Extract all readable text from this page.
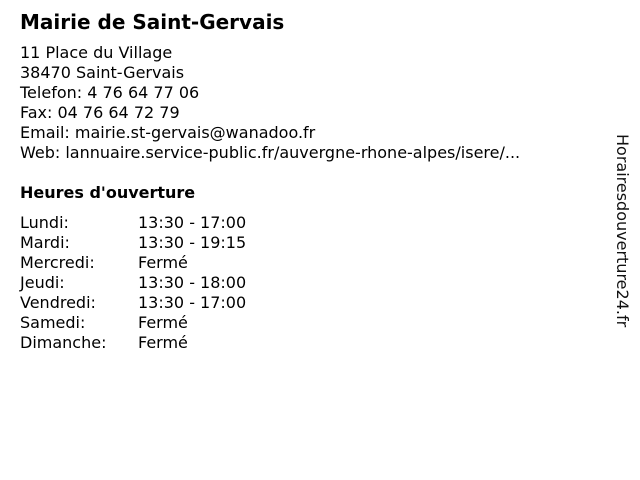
Mairie de Saint-Gervais
11 Place du Village
38470 Saint-Gervais
Telefon: 4 76 64 77 06
Fax: 04 76 64 72 79
Email: mairie.st-gervais@wanadoo.fr
Web: lannuaire.service-public.fr/auvergne-rhone-alpes/isere/...
Heures d'ouverture
Lundi:	13:30 - 17:00
Mardi:	13:30 - 19:15
Mercredi:	Fermé
Jeudi:	13:30 - 18:00
Vendredi:	13:30 - 17:00
Samedi:	Fermé
Dimanche: Fermé
Horairesdouverture24.fr
